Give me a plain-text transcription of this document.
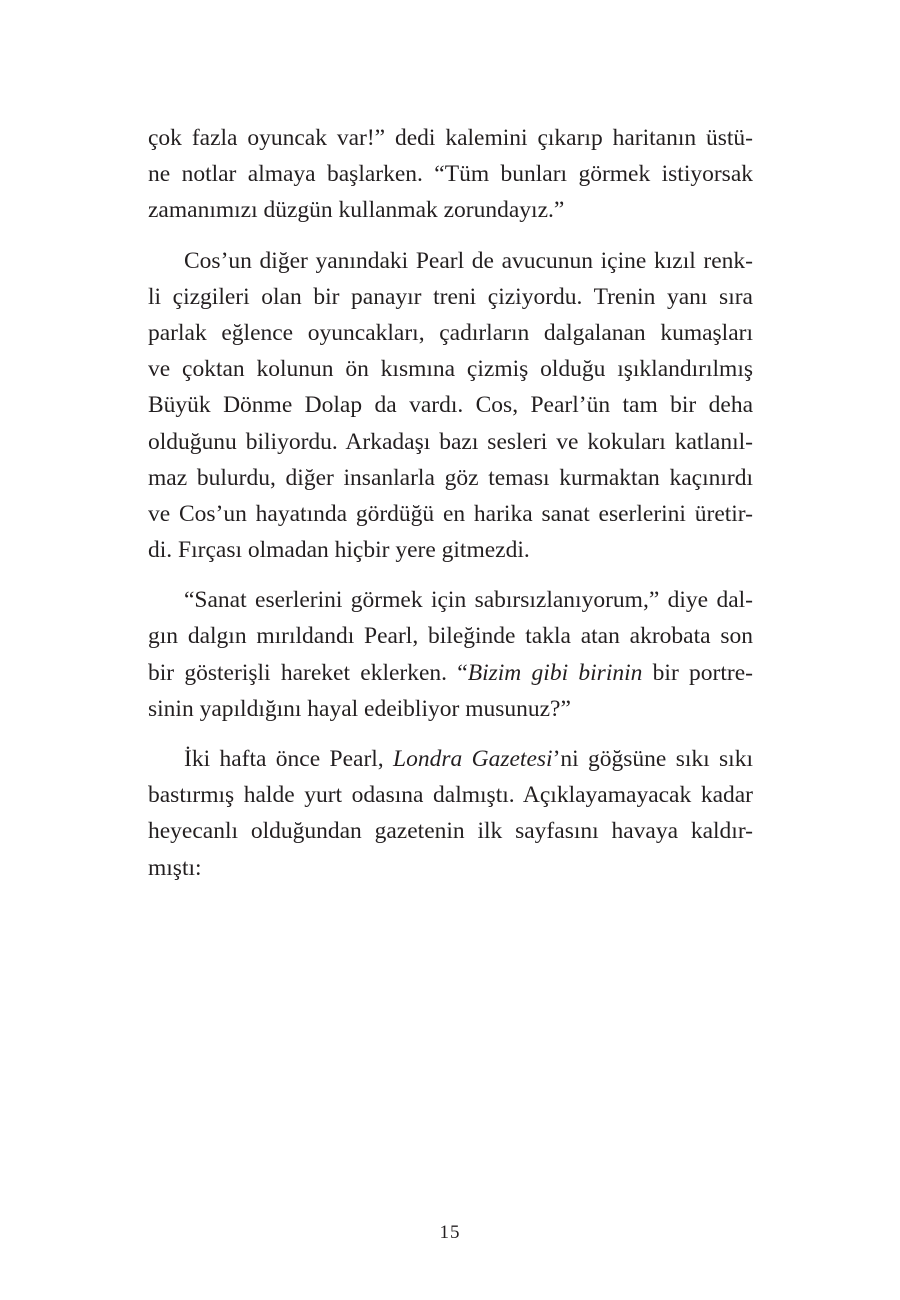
çok fazla oyuncak var!” dedi kalemini çıkarıp haritanın üstü-
ne notlar almaya başlarken. “Tüm bunları görmek istiyorsak
zamanımızı düzgün kullanmak zorundayız.”
Cos’un diğer yanındaki Pearl de avucunun içine kızıl renk-
li çizgileri olan bir panayır treni çiziyordu. Trenin yanı sıra
parlak eğlence oyuncakları, çadırların dalgalanan kumaşları
ve çoktan kolunun ön kısmına çizmiş olduğu ışıklandırılmış
Büyük Dönme Dolap da vardı. Cos, Pearl’ün tam bir deha
olduğunu biliyordu. Arkadaşı bazı sesleri ve kokuları katlanıl-
maz bulurdu, diğer insanlarla göz teması kurmaktan kaçınırdı
ve Cos’un hayatında gördüğü en harika sanat eserlerini üretir-
di. Fırçası olmadan hiçbir yere gitmezdi.
“Sanat eserlerini görmek için sabırsızlanıyorum,” diye dal-
gın dalgın mırıldandı Pearl, bileğinde takla atan akrobata son
bir gösterişli hareket eklerken. “Bizim gibi birinin bir portre-
sinin yapıldığını hayal edeibliyor musunuz?”
İki hafta önce Pearl, Londra Gazetesi’ni göğsüne sıkı sıkı
bastırmış halde yurt odasına dalmıştı. Açıklayamayacak kadar
heyecanlı olduğundan gazetenin ilk sayfasını havaya kaldır-
mıştı:
15
